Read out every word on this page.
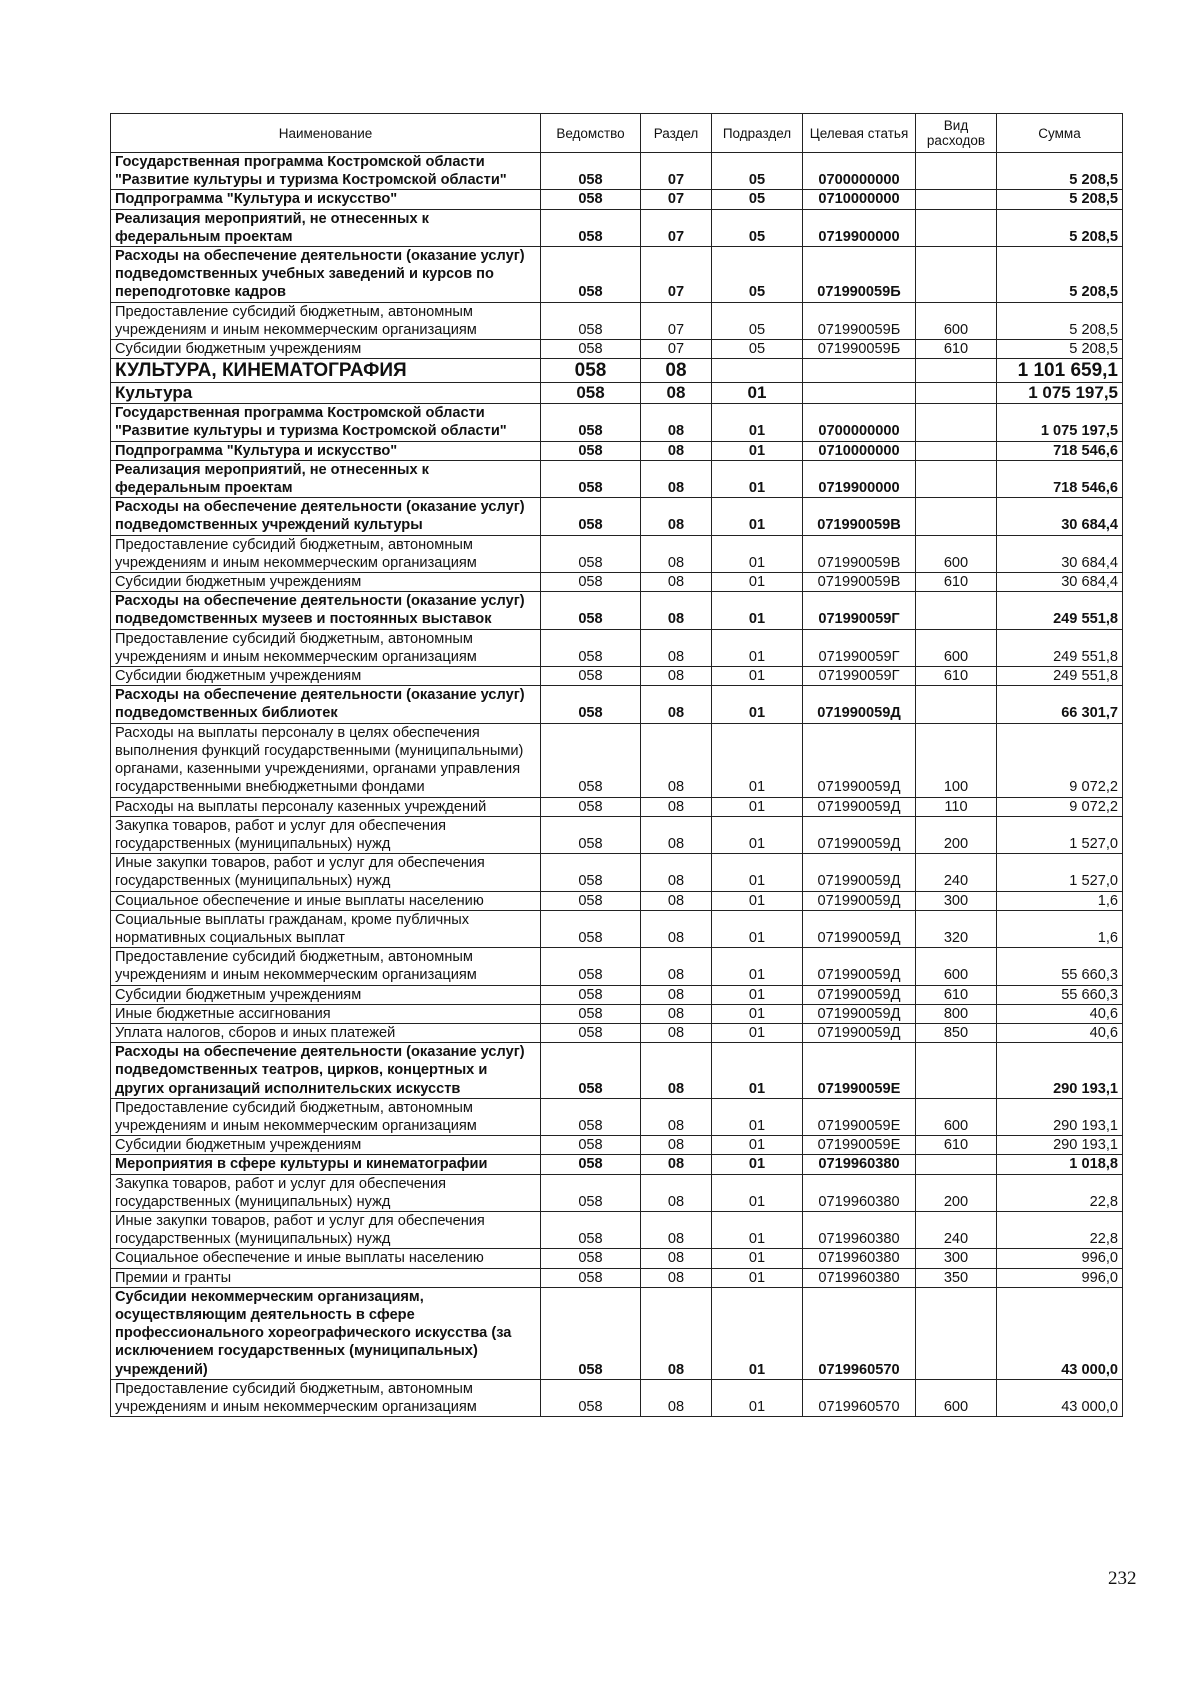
Наименование	Ведомство	Раздел	Подраздел	Целевая статья	Вид расходов	Сумма
Государственная программа Костромской области "Развитие культуры и туризма Костромской области"	058	07	05	0700000000		5 208,5
Подпрограмма "Культура и искусство"	058	07	05	0710000000		5 208,5
Реализация мероприятий, не отнесенных к федеральным проектам	058	07	05	0719900000		5 208,5
Расходы на обеспечение деятельности (оказание услуг) подведомственных учебных заведений и курсов по переподготовке кадров	058	07	05	071990059Б		5 208,5
Предоставление субсидий бюджетным, автономным учреждениям и иным некоммерческим организациям	058	07	05	071990059Б	600	5 208,5
Субсидии бюджетным учреждениям	058	07	05	071990059Б	610	5 208,5
КУЛЬТУРА, КИНЕМАТОГРАФИЯ	058	08				1 101 659,1
Культура	058	08	01			1 075 197,5
Государственная программа Костромской области "Развитие культуры и туризма Костромской области"	058	08	01	0700000000		1 075 197,5
Подпрограмма "Культура и искусство"	058	08	01	0710000000		718 546,6
Реализация мероприятий, не отнесенных к федеральным проектам	058	08	01	0719900000		718 546,6
Расходы на обеспечение деятельности (оказание услуг) подведомственных учреждений культуры	058	08	01	071990059В		30 684,4
Предоставление субсидий бюджетным, автономным учреждениям и иным некоммерческим организациям	058	08	01	071990059В	600	30 684,4
Субсидии бюджетным учреждениям	058	08	01	071990059В	610	30 684,4
Расходы на обеспечение деятельности (оказание услуг) подведомственных музеев и постоянных выставок	058	08	01	071990059Г		249 551,8
Предоставление субсидий бюджетным, автономным учреждениям и иным некоммерческим организациям	058	08	01	071990059Г	600	249 551,8
Субсидии бюджетным учреждениям	058	08	01	071990059Г	610	249 551,8
Расходы на обеспечение деятельности (оказание услуг) подведомственных библиотек	058	08	01	071990059Д		66 301,7
Расходы на выплаты персоналу в целях обеспечения выполнения функций государственными (муниципальными) органами, казенными учреждениями, органами управления государственными внебюджетными фондами	058	08	01	071990059Д	100	9 072,2
Расходы на выплаты персоналу казенных учреждений	058	08	01	071990059Д	110	9 072,2
Закупка товаров, работ и услуг для обеспечения государственных (муниципальных) нужд	058	08	01	071990059Д	200	1 527,0
Иные закупки товаров, работ и услуг для обеспечения государственных (муниципальных) нужд	058	08	01	071990059Д	240	1 527,0
Социальное обеспечение и иные выплаты населению	058	08	01	071990059Д	300	1,6
Социальные выплаты гражданам, кроме публичных нормативных социальных выплат	058	08	01	071990059Д	320	1,6
Предоставление субсидий бюджетным, автономным учреждениям и иным некоммерческим организациям	058	08	01	071990059Д	600	55 660,3
Субсидии бюджетным учреждениям	058	08	01	071990059Д	610	55 660,3
Иные бюджетные ассигнования	058	08	01	071990059Д	800	40,6
Уплата налогов, сборов и иных платежей	058	08	01	071990059Д	850	40,6
Расходы на обеспечение деятельности (оказание услуг) подведомственных театров, цирков, концертных и других организаций исполнительских искусств	058	08	01	071990059Е		290 193,1
Предоставление субсидий бюджетным, автономным учреждениям и иным некоммерческим организациям	058	08	01	071990059Е	600	290 193,1
Субсидии бюджетным учреждениям	058	08	01	071990059Е	610	290 193,1
Мероприятия в сфере культуры и кинематографии	058	08	01	0719960380		1 018,8
Закупка товаров, работ и услуг для обеспечения государственных (муниципальных) нужд	058	08	01	0719960380	200	22,8
Иные закупки товаров, работ и услуг для обеспечения государственных (муниципальных) нужд	058	08	01	0719960380	240	22,8
Социальное обеспечение и иные выплаты населению	058	08	01	0719960380	300	996,0
Премии и гранты	058	08	01	0719960380	350	996,0
Субсидии некоммерческим организациям, осуществляющим деятельность в сфере профессионального хореографического искусства (за исключением государственных (муниципальных) учреждений)	058	08	01	0719960570		43 000,0
Предоставление субсидий бюджетным, автономным учреждениям и иным некоммерческим организациям	058	08	01	0719960570	600	43 000,0
232
